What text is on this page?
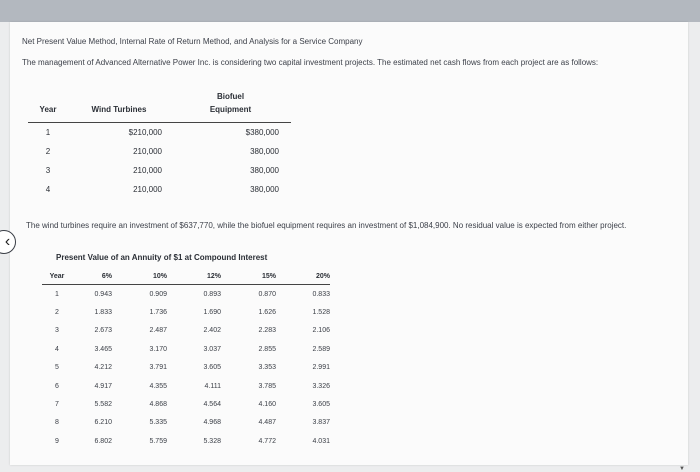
Net Present Value Method, Internal Rate of Return Method, and Analysis for a Service Company
The management of Advanced Alternative Power Inc. is considering two capital investment projects. The estimated net cash flows from each project are as follows:
Year	Wind Turbines	Biofuel Equipment
1	$210,000	$380,000
2	210,000	380,000
3	210,000	380,000
4	210,000	380,000
The wind turbines require an investment of $637,770, while the biofuel equipment requires an investment of $1,084,900. No residual value is expected from either project.
Present Value of an Annuity of $1 at Compound Interest
Year	6%	10%	12%	15%	20%
1	0.943	0.909	0.893	0.870	0.833
2	1.833	1.736	1.690	1.626	1.528
3	2.673	2.487	2.402	2.283	2.106
4	3.465	3.170	3.037	2.855	2.589
5	4.212	3.791	3.605	3.353	2.991
6	4.917	4.355	4.111	3.785	3.326
7	5.582	4.868	4.564	4.160	3.605
8	6.210	5.335	4.968	4.487	3.837
9	6.802	5.759	5.328	4.772	4.031
▼
‹
